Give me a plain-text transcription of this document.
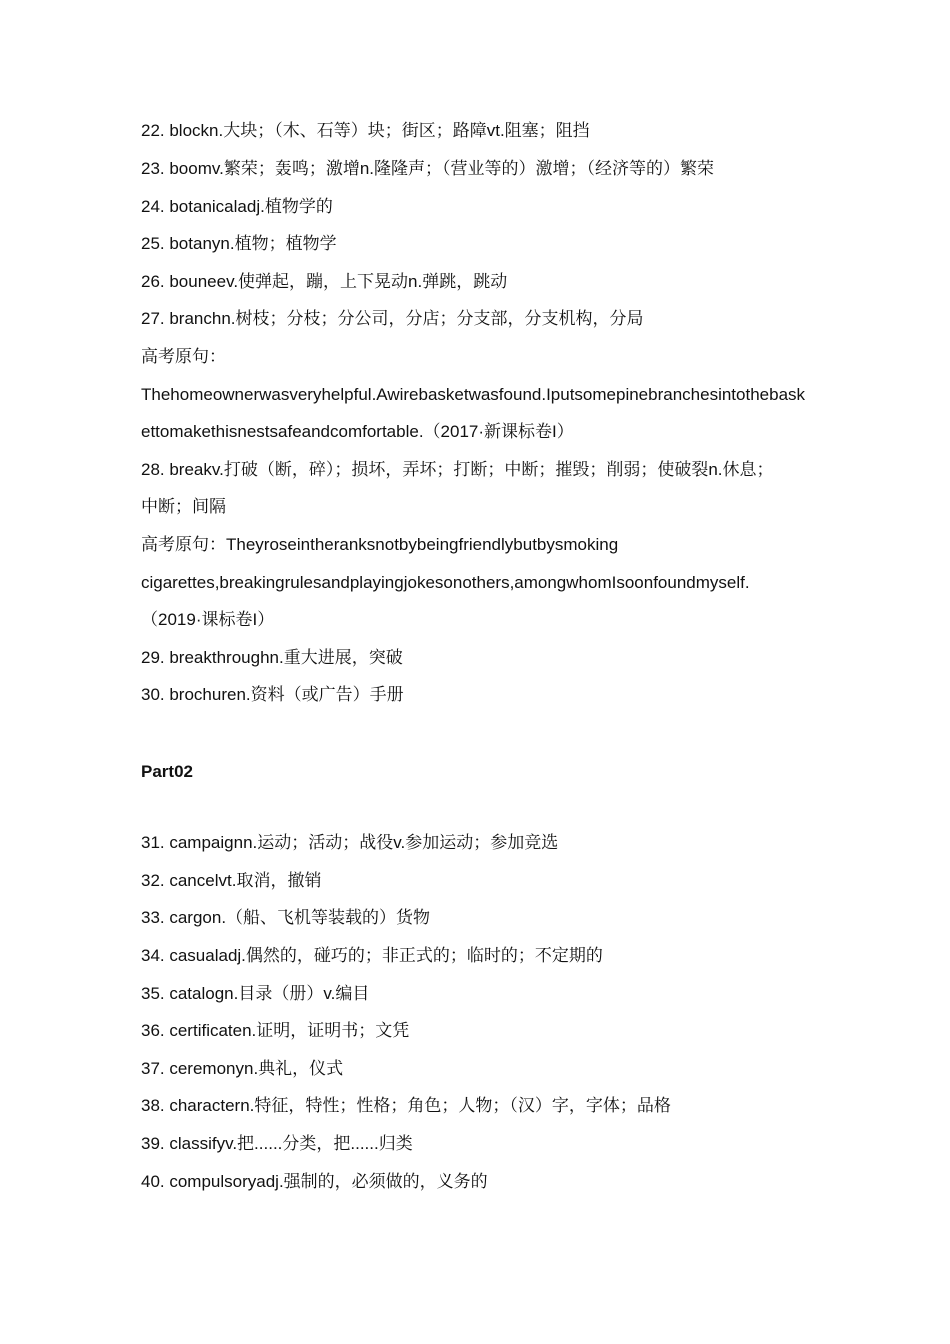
22. blockn.大块；（木、石等）块；街区；路障vt.阻塞；阻挡
23. boomv.繁荣；轰鸣；激增n.隆隆声；（营业等的）激增；（经济等的）繁荣
24. botanicaladj.植物学的
25. botanyn.植物；植物学
26. bouneev.使弹起，蹦，上下晃动n.弹跳，跳动
27. branchn.树枝；分枝；分公司，分店；分支部，分支机构，分局
高考原句：
Thehomeownerwasveryhelpful.Awirebasketwasfound.Iputsomepinebranchesintothebask
ettomakethisnestsafeandcomfortable.（2017·新课标卷I）
28. breakv.打破（断，碎）；损坏，弄坏；打断；中断；摧毁；削弱；使破裂n.休息；
中断；间隔
高考原句：Theyroseintheranksnotbybeingfriendlybutbysmoking
cigarettes,breakingrulesandplayingjokesonothers,amongwhomIsoonfoundmyself.
（2019·课标卷I）
29. breakthroughn.重大进展，突破
30. brochuren.资料（或广告）手册
Part02
31. campaignn.运动；活动；战役v.参加运动；参加竞选
32. cancelvt.取消，撤销
33. cargon.（船、飞机等装载的）货物
34. casualadj.偶然的，碰巧的；非正式的；临时的；不定期的
35. catalogn.目录（册）v.编目
36. certificaten.证明，证明书；文凭
37. ceremonyn.典礼，仪式
38. charactern.特征，特性；性格；角色；人物；（汉）字，字体；品格
39. classifyv.把......分类，把......归类
40. compulsoryadj.强制的，必须做的，义务的
